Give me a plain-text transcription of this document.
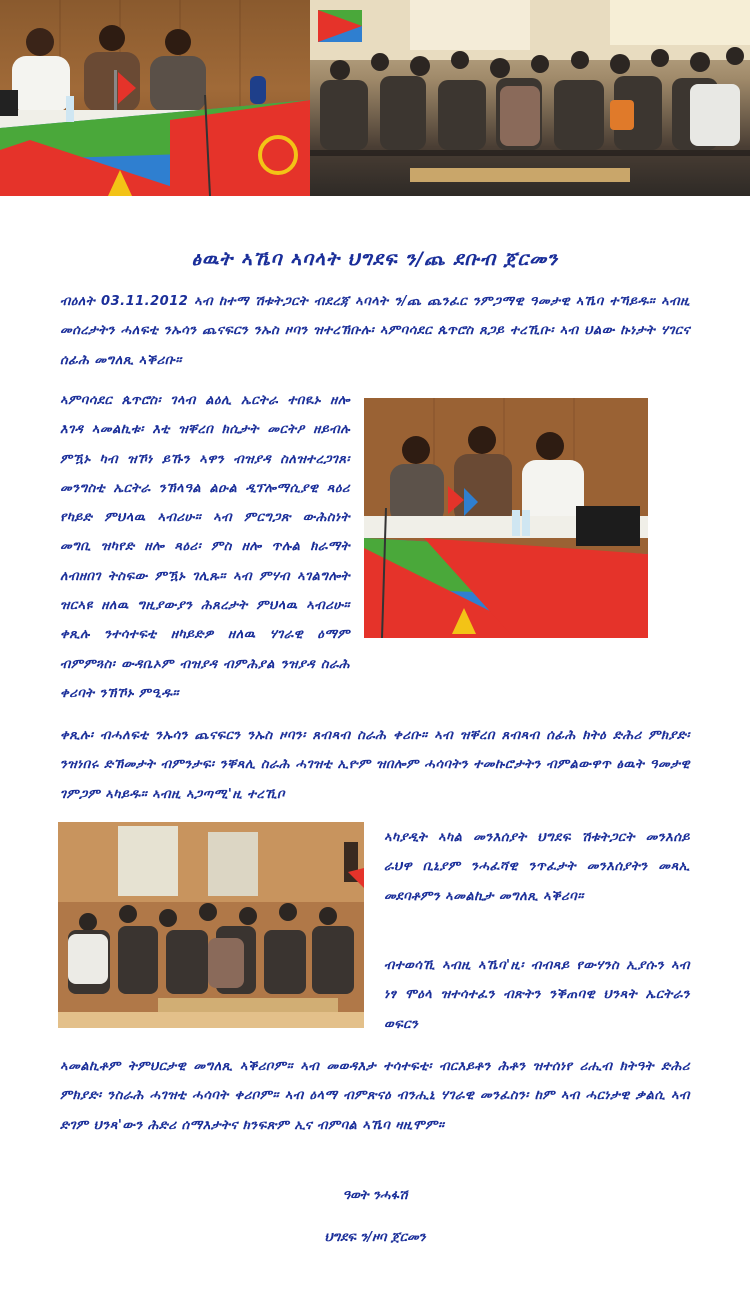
ፅዉት ኣኼባ ኣባላት ህግደፍ ን/ጨ ደቡብ ጀርመን

ብዕለት 03.11.2012 ኣብ ከተማ ሽቱትጋርት ብደረጃ ኣባላት ን/ጨ ጨንፈር ንምጋማዊ ዓመታዊ ኣኼባ ተኻይዱ። ኣብዚ መሰረታትን ሓለፍቲ ንኡሳን ጨናፍርን ንኡስ ዞባን ዝተረኽቡሉ፡ ኣምባሳደር ጴጥሮስ ጸጋይ ተረኺቡ፡ ኣብ ህልው ኩነታት ሃገርና ሰፊሕ መግለጺ ኣቕሪቡ።

ኣምባሳደር ጴጥሮስ፡ ገላብ ልዕሊ ኤርትራ ተበዪኑ ዘሎ እገዳ ኣመልኪቱ፡ እቲ ዝቐረበ ክሲታት መርትዖ ዘይብሉ ምዃኑ ካብ ዝኾነ ይኹን ኣዋን ብዝያዳ ስለዝተረጋገጸ፡ መንግስቲ ኤርትራ ንኽላዓል ልዑል ዲፕሎማሲያዊ ጻዕሪ የካይድ ምህላዉ ኣብሪሁ። ኣብ ምርግጋጽ ውሕስነት መግቢ ዝካየድ ዘሎ ጻዕሪ፡ ምስ ዘሎ ጥሉል ክራማት ለብዘበገ ትስፍው ምዃኑ ገሊጹ። ኣብ ምሃብ ኣገልግሎት ዝርኣዩ ዘለዉ ግዚያውያን ሕጸረታት ምህላዉ ኣብሪሁ። ቀጺሉ ንተሳተፍቲ ዘካይድዎ ዘለዉ ሃገራዊ ዕማም ብምምጓስ፡ ውዳቤኦም ብዝያዳ ብምሕያል ንዝያዳ ስራሕ ቀሪባት ንኽኾኑ ምዒዱ።

ቀጺሉ፡ ብሓለፍቲ ንኡሳን ጨናፍርን ንኡስ ዞባን፡ ጸብጻብ ስራሕ ቀሪቡ። ኣብ ዝቐረበ ጸብጻብ ሰፊሕ ክትዕ ድሕሪ ምክያድ፡ ንዝነበሩ ድኽመታት ብምንታፍ፡ ንቐጻሊ ስራሕ ሓገዝቲ ኢዮም ዝበሎም ሓሳባትን ተመኩሮታትን ብምልውዋጥ ፅዉት ዓመታዊ ገምጋም ኣካይዱ። ኣብዚ ኣጋጣሚ'ዚ ተረኺቦ

ኣካያዲት ኣካል መንእሰያት ህግደፍ ሽቱትጋርት መንእሰይ ራህዋ ቢኒያም ንሓፈሻዊ ንጥፈታት መንእሰያትን መጻኢ መደባቶምን ኣመልኪታ መግለጺ ኣቕሪባ።

ብተወሳኺ ኣብዚ ኣኼባ'ዚ፡ ብብጻይ የውሃንስ ኢያሱን ኣብ ነፃ ሞዕላ ዝተሳተፈን ብጽትን ንቕጠባዊ ህንጻት ኤርትራን ወፍርን

ኣመልኪቶም ትምህርታዊ መግለጺ ኣቕሪቦም። ኣብ መወዳእታ ተሳተፍቲ፡ ብርእይቶን ሕቶን ዝተሰነየ ሪሒብ ክትዓት ድሕሪ ምክያድ፡ ንስራሕ ሓገዝቲ ሓሳባት ቀሪቦም። ኣብ ዕላማ ብምጽናዕ ብንሒኒ ሃገራዊ መንፈስን፡ ከም ኣብ ሓርነታዊ ቃልሲ ኣብ ድገም ህንጻ'ውን ሕድሪ ሰማእታትና ክንፍጽም ኢና ብምባል ኣኼባ ዛዚሞም።

ዓወት ንሓፋሽ
ህግደፍ ን/ዞባ ጀርመን
